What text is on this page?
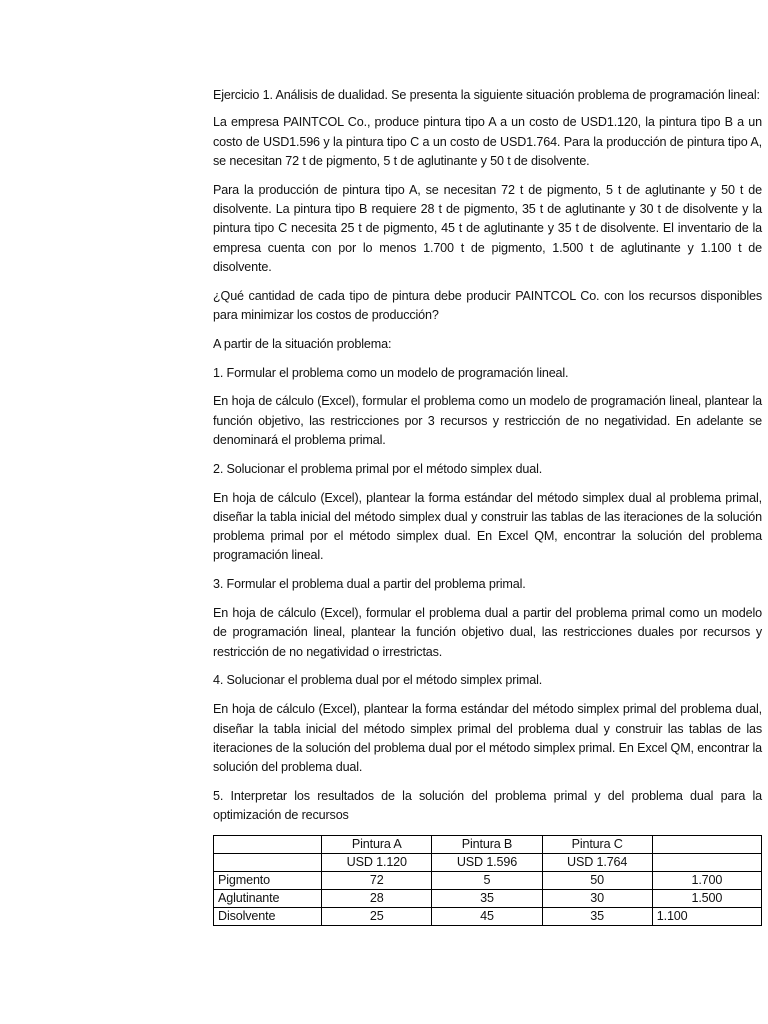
Ejercicio 1. Análisis de dualidad. Se presenta la siguiente situación problema de programación lineal:

La empresa PAINTCOL Co., produce pintura tipo A a un costo de USD1.120, la pintura tipo B a un costo de USD1.596 y la pintura tipo C a un costo de USD1.764. Para la producción de pintura tipo A, se necesitan 72 t de pigmento, 5 t de aglutinante y 50 t de disolvente.

Para la producción de pintura tipo A, se necesitan 72 t de pigmento, 5 t de aglutinante y 50 t de disolvente. La pintura tipo B requiere 28 t de pigmento, 35 t de aglutinante y 30 t de disolvente y la pintura tipo C necesita 25 t de pigmento, 45 t de aglutinante y 35 t de disolvente. El inventario de la empresa cuenta con por lo menos 1.700 t de pigmento, 1.500 t de aglutinante y 1.100 t de disolvente.

¿Qué cantidad de cada tipo de pintura debe producir PAINTCOL Co. con los recursos disponibles para minimizar los costos de producción?

A partir de la situación problema:

1. Formular el problema como un modelo de programación lineal.

En hoja de cálculo (Excel), formular el problema como un modelo de programación lineal, plantear la función objetivo, las restricciones por 3 recursos y restricción de no negatividad. En adelante se denominará el problema primal.

2. Solucionar el problema primal por el método simplex dual.

En hoja de cálculo (Excel), plantear la forma estándar del método simplex dual al problema primal, diseñar la tabla inicial del método simplex dual y construir las tablas de las iteraciones de la solución problema primal por el método simplex dual. En Excel QM, encontrar la solución del problema programación lineal.

3. Formular el problema dual a partir del problema primal.

En hoja de cálculo (Excel), formular el problema dual a partir del problema primal como un modelo de programación lineal, plantear la función objetivo dual, las restricciones duales por recursos y restricción de no negatividad o irrestrictas.

4. Solucionar el problema dual por el método simplex primal.

En hoja de cálculo (Excel), plantear la forma estándar del método simplex primal del problema dual, diseñar la tabla inicial del método simplex primal del problema dual y construir las tablas de las iteraciones de la solución del problema dual por el método simplex primal. En Excel QM, encontrar la solución del problema dual.

5. Interpretar los resultados de la solución del problema primal y del problema dual para la optimización de recursos

	Pintura A	Pintura B	Pintura C	
	USD 1.120	USD 1.596	USD 1.764	
Pigmento	72	5	50	1.700
Aglutinante	28	35	30	1.500
Disolvente	25	45	35	1.100
